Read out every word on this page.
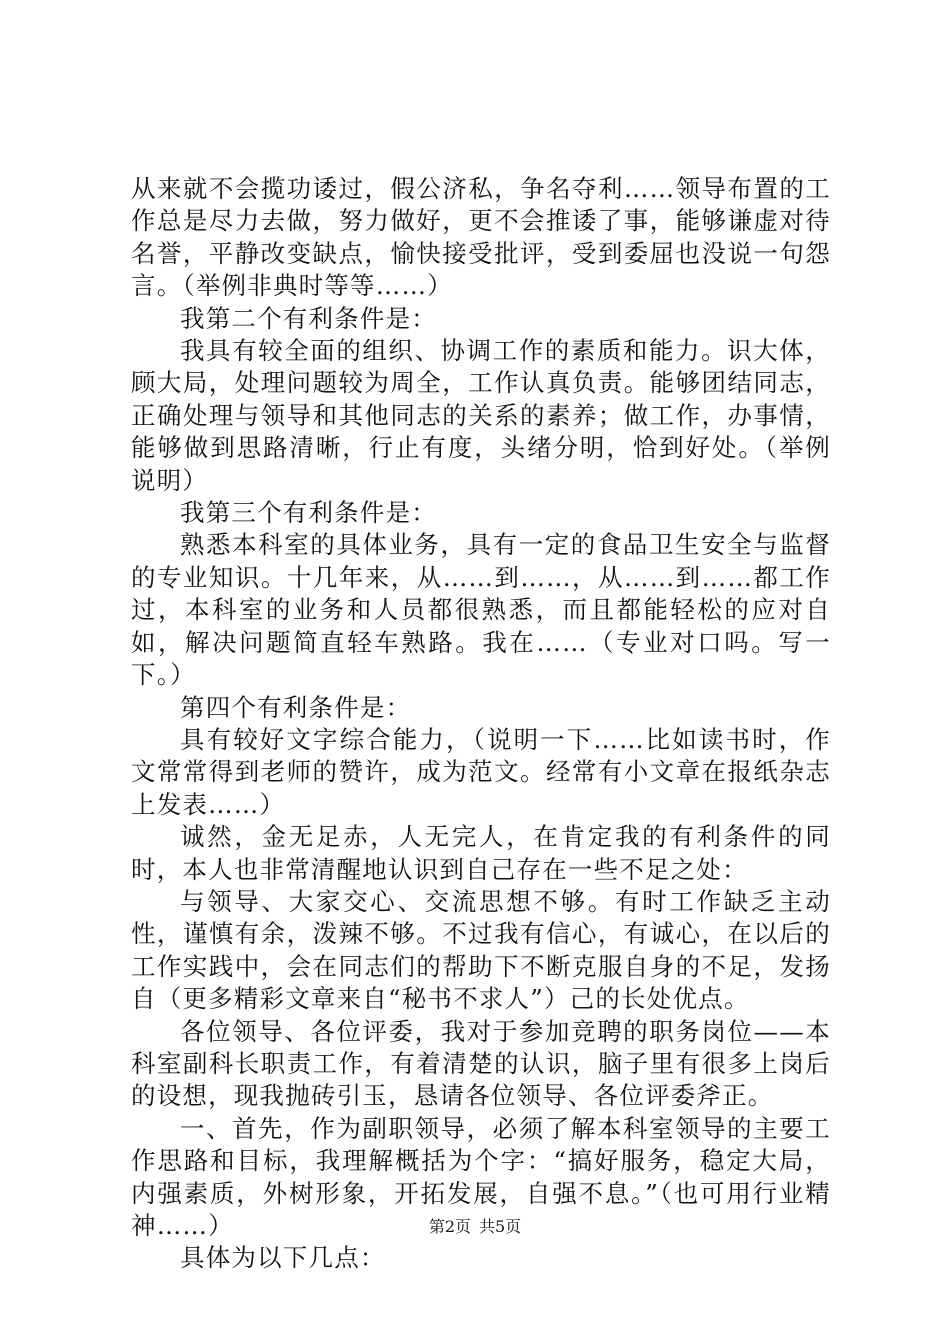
从来就不会揽功诿过，假公济私，争名夺利……领导布置的工作总是尽力去做，努力做好，更不会推诿了事，能够谦虚对待名誉，平静改变缺点，愉快接受批评，受到委屈也没说一句怨言。（举例非典时等等……）

我第二个有利条件是：

我具有较全面的组织、协调工作的素质和能力。识大体，顾大局，处理问题较为周全，工作认真负责。能够团结同志，正确处理与领导和其他同志的关系的素养；做工作，办事情，能够做到思路清晰，行止有度，头绪分明，恰到好处。（举例说明）

我第三个有利条件是：

熟悉本科室的具体业务，具有一定的食品卫生安全与监督的专业知识。十几年来，从……到……，从……到……都工作过，本科室的业务和人员都很熟悉，而且都能轻松的应对自如，解决问题简直轻车熟路。我在……（专业对口吗。写一下。）

第四个有利条件是：

具有较好文字综合能力，（说明一下……比如读书时，作文常常得到老师的赞许，成为范文。经常有小文章在报纸杂志上发表……）

诚然，金无足赤，人无完人，在肯定我的有利条件的同时，本人也非常清醒地认识到自己存在一些不足之处：

与领导、大家交心、交流思想不够。有时工作缺乏主动性，谨慎有余，泼辣不够。不过我有信心，有诚心，在以后的工作实践中，会在同志们的帮助下不断克服自身的不足，发扬自（更多精彩文章来自“秘书不求人”）己的长处优点。

各位领导、各位评委，我对于参加竞聘的职务岗位——本科室副科长职责工作，有着清楚的认识，脑子里有很多上岗后的设想，现我抛砖引玉，恳请各位领导、各位评委斧正。

一、首先，作为副职领导，必须了解本科室领导的主要工作思路和目标，我理解概括为个字：“搞好服务，稳定大局，内强素质，外树形象，开拓发展，自强不息。”（也可用行业精神……）

具体为以下几点：

第2页 共5页
